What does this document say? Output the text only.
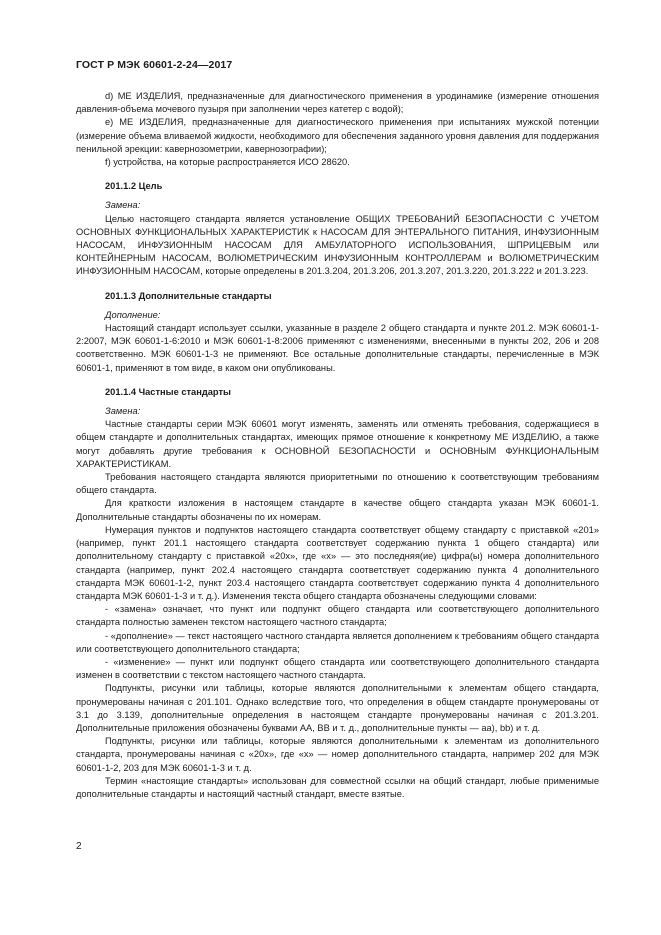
ГОСТ Р МЭК 60601-2-24—2017

d) МЕ ИЗДЕЛИЯ, предназначенные для диагностического применения в уродинамике (измерение отношения давления-объема мочевого пузыря при заполнении через катетер с водой);

е) МЕ ИЗДЕЛИЯ, предназначенные для диагностического применения при испытаниях мужской потенции (измерение объема вливаемой жидкости, необходимого для обеспечения заданного уровня давления для поддержания пенильной эрекции: кавернозометрии, кавернозографии);

f) устройства, на которые распространяется ИСО 28620.

201.1.2 Цель

Замена:

Целью настоящего стандарта является установление ОБЩИХ ТРЕБОВАНИЙ БЕЗОПАСНОСТИ С УЧЕТОМ ОСНОВНЫХ ФУНКЦИОНАЛЬНЫХ ХАРАКТЕРИСТИК к НАСОСАМ ДЛЯ ЭНТЕРАЛЬНОГО ПИТАНИЯ, ИНФУЗИОННЫМ НАСОСАМ, ИНФУЗИОННЫМ НАСОСАМ ДЛЯ АМБУЛАТОРНОГО ИСПОЛЬЗОВАНИЯ, ШПРИЦЕВЫМ или КОНТЕЙНЕРНЫМ НАСОСАМ, ВОЛЮМЕТРИЧЕСКИМ ИНФУЗИОННЫМ КОНТРОЛЛЕРАМ и ВОЛЮМЕТРИЧЕСКИМ ИНФУЗИОННЫМ НАСОСАМ, которые определены в 201.3.204, 201.3.206, 201.3.207, 201.3.220, 201.3.222 и 201.3.223.

201.1.3 Дополнительные стандарты

Дополнение:

Настоящий стандарт использует ссылки, указанные в разделе 2 общего стандарта и пункте 201.2. МЭК 60601-1-2:2007, МЭК 60601-1-6:2010 и МЭК 60601-1-8:2006 применяют с изменениями, внесенными в пункты 202, 206 и 208 соответственно. МЭК 60601-1-3 не применяют. Все остальные дополнительные стандарты, перечисленные в МЭК 60601-1, применяют в том виде, в каком они опубликованы.

201.1.4 Частные стандарты

Замена:

Частные стандарты серии МЭК 60601 могут изменять, заменять или отменять требования, содержащиеся в общем стандарте и дополнительных стандартах, имеющих прямое отношение к конкретному МЕ ИЗДЕЛИЮ, а также могут добавлять другие требования к ОСНОВНОЙ БЕЗОПАСНОСТИ и ОСНОВНЫМ ФУНКЦИОНАЛЬНЫМ ХАРАКТЕРИСТИКАМ.

Требования настоящего стандарта являются приоритетными по отношению к соответствующим требованиям общего стандарта.

Для краткости изложения в настоящем стандарте в качестве общего стандарта указан МЭК 60601-1. Дополнительные стандарты обозначены по их номерам.

Нумерация пунктов и подпунктов настоящего стандарта соответствует общему стандарту с приставкой «201» (например, пункт 201.1 настоящего стандарта соответствует содержанию пункта 1 общего стандарта) или дополнительному стандарту с приставкой «20х», где «х» — это последняя(ие) цифра(ы) номера дополнительного стандарта (например, пункт 202.4 настоящего стандарта соответствует содержанию пункта 4 дополнительного стандарта МЭК 60601-1-2, пункт 203.4 настоящего стандарта соответствует содержанию пункта 4 дополнительного стандарта МЭК 60601-1-3 и т. д.). Изменения текста общего стандарта обозначены следующими словами:

- «замена» означает, что пункт или подпункт общего стандарта или соответствующего дополнительного стандарта полностью заменен текстом настоящего частного стандарта;

- «дополнение» — текст настоящего частного стандарта является дополнением к требованиям общего стандарта или соответствующего дополнительного стандарта;

- «изменение» — пункт или подпункт общего стандарта или соответствующего дополнительного стандарта изменен в соответствии с текстом настоящего частного стандарта.

Подпункты, рисунки или таблицы, которые являются дополнительными к элементам общего стандарта, пронумерованы начиная с 201.101. Однако вследствие того, что определения в общем стандарте пронумерованы от 3.1 до 3.139, дополнительные определения в настоящем стандарте пронумерованы начиная с 201.3.201. Дополнительные приложения обозначены буквами АА, ВВ и т. д., дополнительные пункты — аа), bb) и т. д.

Подпункты, рисунки или таблицы, которые являются дополнительными к элементам из дополнительного стандарта, пронумерованы начиная с «20х», где «х» — номер дополнительного стандарта, например 202 для МЭК 60601-1-2, 203 для МЭК 60601-1-3 и т. д.

Термин «настоящие стандарты» использован для совместной ссылки на общий стандарт, любые применимые дополнительные стандарты и настоящий частный стандарт, вместе взятые.

2
